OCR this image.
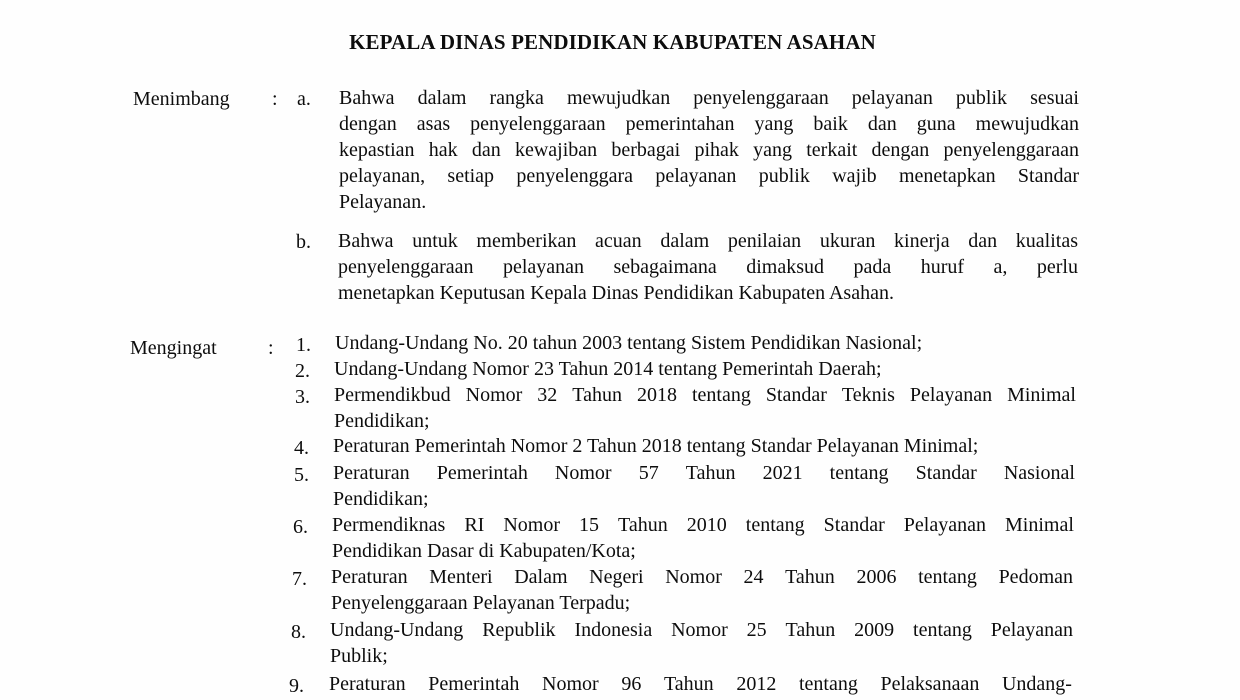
KEPALA DINAS PENDIDIKAN KABUPATEN ASAHAN
Menimbang : a. Bahwa dalam rangka mewujudkan penyelenggaraan pelayanan publik sesuai
dengan asas penyelenggaraan pemerintahan yang baik dan guna mewujudkan
kepastian hak dan kewajiban berbagai pihak yang terkait dengan penyelenggaraan
pelayanan, setiap penyelenggara pelayanan publik wajib menetapkan Standar
Pelayanan.
b. Bahwa untuk memberikan acuan dalam penilaian ukuran kinerja dan kualitas
penyelenggaraan pelayanan sebagaimana dimaksud pada huruf a, perlu
menetapkan Keputusan Kepala Dinas Pendidikan Kabupaten Asahan.
Mengingat	: 1. Undang-Undang No. 20 tahun 2003 tentang Sistem Pendidikan Nasional;
2. Undang-Undang Nomor 23 Tahun 2014 tentang Pemerintah Daerah;
3. Permendikbud Nomor 32 Tahun 2018 tentang Standar Teknis Pelayanan Minimal
Pendidikan;
4. Peraturan Pemerintah Nomor 2 Tahun 2018 tentang Standar Pelayanan Minimal;
5. Peraturan Pemerintah Nomor 57 Tahun 2021 tentang Standar Nasional
Pendidikan;
6. Permendiknas RI Nomor 15 Tahun 2010 tentang Standar Pelayanan Minimal
Pendidikan Dasar di Kabupaten/Kota;
7. Peraturan Menteri Dalam Negeri Nomor 24 Tahun 2006 tentang Pedoman
Penyelenggaraan Pelayanan Terpadu;
8. Undang-Undang Republik Indonesia Nomor 25 Tahun 2009 tentang Pelayanan
Publik;
9. Peraturan Pemerintah Nomor 96 Tahun 2012 tentang Pelaksanaan Undang-
